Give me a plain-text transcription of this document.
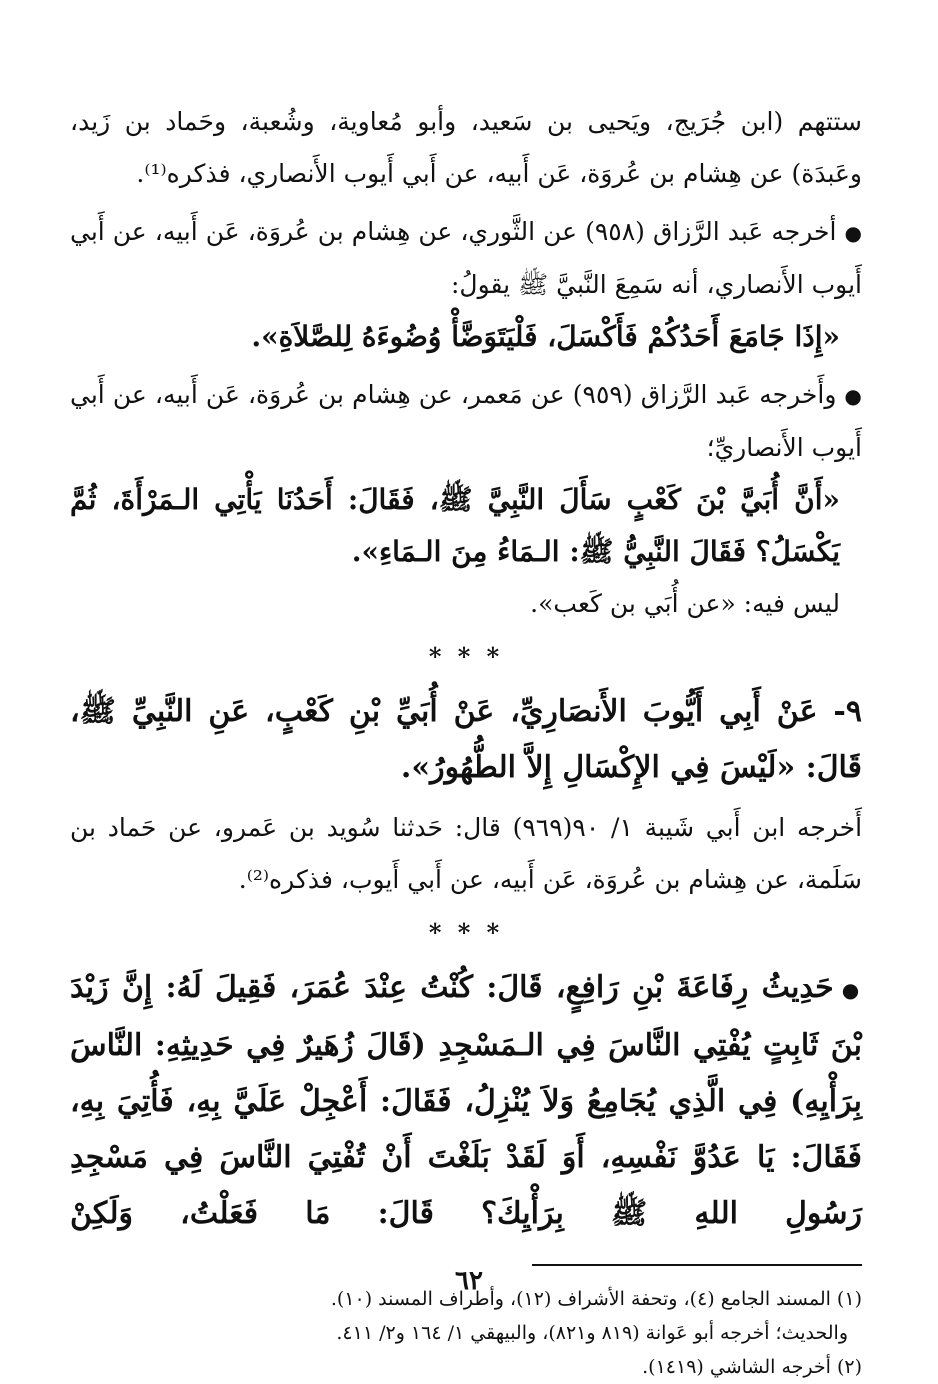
ستتهم (ابن جُرَيج، ويَحيى بن سَعيد، وأبو مُعاوية، وشُعبة، وحَماد بن زَيد، وعَبدَة) عن هِشام بن عُروَة، عَن أَبيه، عن أَبي أَيوب الأَنصاري، فذكره⁽¹⁾.

●أخرجه عَبد الرَّزاق (٩٥٨) عن الثَّوري، عن هِشام بن عُروَة، عَن أَبيه، عن أَبي أَيوب الأَنصاري، أنه سَمِعَ النَّبيَّ ﷺ يقولُ:

«إِذَا جَامَعَ أَحَدُكُمْ فَأَكْسَلَ، فَلْيَتَوَضَّأْ وُضُوءَهُ لِلصَّلاَةِ».

●وأَخرجه عَبد الرَّزاق (٩٥٩) عن مَعمر، عن هِشام بن عُروَة، عَن أَبيه، عن أَبي أَيوب الأَنصاريِّ؛

«أَنَّ أُبَيَّ بْنَ كَعْبٍ سَأَلَ النَّبِيَّ ﷺ، فَقَالَ: أَحَدُنَا يَأْتِي الـمَرْأَةَ، ثُمَّ يَكْسَلُ؟ فَقَالَ النَّبِيُّ ﷺ: الـمَاءُ مِنَ الـمَاءِ».

ليس فيه: «عن أُبَي بن كَعب».

* * *

٩- عَنْ أَبِي أَيُّوبَ الأَنصَارِيِّ، عَنْ أُبَيِّ بْنِ كَعْبٍ، عَنِ النَّبِيِّ ﷺ، قَالَ: «لَيْسَ فِي الإِكْسَالِ إِلاَّ الطُّهُورُ».

أَخرجه ابن أَبي شَيبة ١/ ٩٠(٩٦٩) قال: حَدثنا سُويد بن عَمرو، عن حَماد بن سَلَمة، عن هِشام بن عُروَة، عَن أَبيه، عن أَبي أَيوب، فذكره⁽²⁾.

* * *

●حَدِيثُ رِفَاعَةَ بْنِ رَافِعٍ، قَالَ: كُنْتُ عِنْدَ عُمَرَ، فَقِيلَ لَهُ: إِنَّ زَيْدَ بْنَ ثَابِتٍ يُفْتِي النَّاسَ فِي الـمَسْجِدِ (قَالَ زُهَيرٌ فِي حَدِيثِهِ: النَّاسَ بِرَأْيِهِ) فِي الَّذِي يُجَامِعُ وَلاَ يُنْزِلُ، فَقَالَ: أَعْجِلْ عَلَيَّ بِهِ، فَأُتِيَ بِهِ، فَقَالَ: يَا عَدُوَّ نَفْسِهِ، أَوَ لَقَدْ بَلَغْتَ أَنْ تُفْتِيَ النَّاسَ فِي مَسْجِدِ رَسُولِ اللهِ ﷺ بِرَأْيِكَ؟ قَالَ: مَا فَعَلْتُ، وَلَكِنْ

(١) المسند الجامع (٤)، وتحفة الأشراف (١٢)، وأطراف المسند (١٠).

والحديث؛ أخرجه أبو عَوانة (٨١٩ و٨٢١)، والبيهقي ١/ ١٦٤ و٢/ ٤١١.

(٢) أخرجه الشاشي (١٤١٩).

٦٢
